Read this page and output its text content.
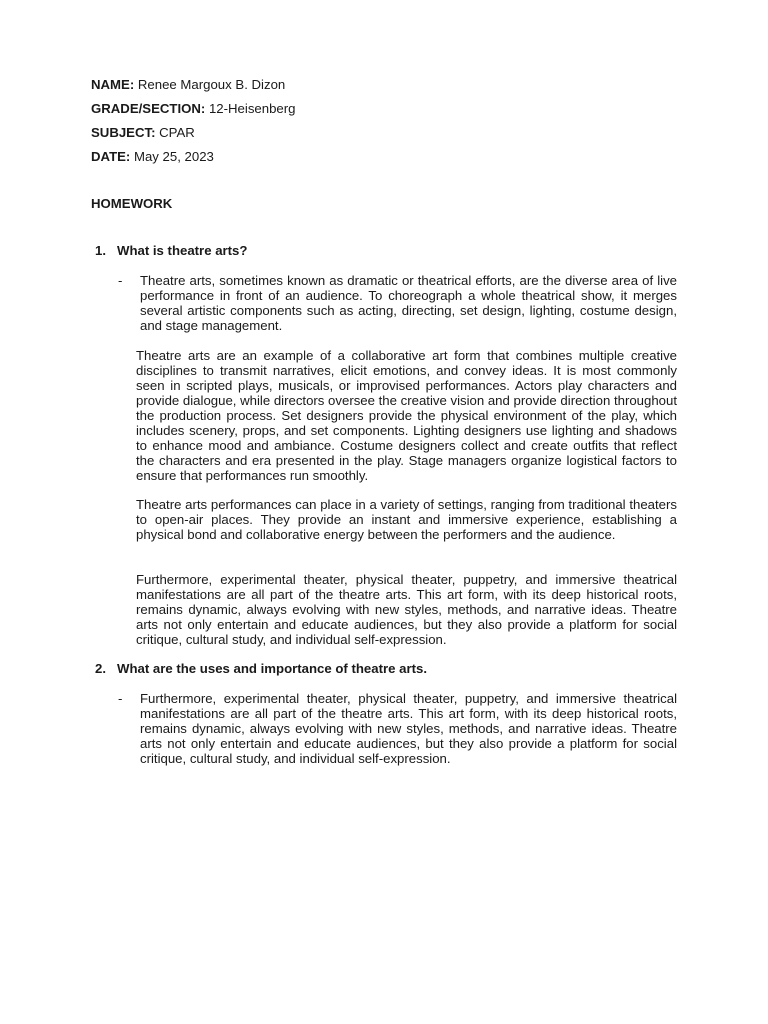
NAME: Renee Margoux B. Dizon

GRADE/SECTION: 12-Heisenberg

SUBJECT: CPAR

DATE: May 25, 2023

HOMEWORK

1. What is theatre arts?

- Theatre arts, sometimes known as dramatic or theatrical efforts, are the diverse area of live performance in front of an audience. To choreograph a whole theatrical show, it merges several artistic components such as acting, directing, set design, lighting, costume design, and stage management.

Theatre arts are an example of a collaborative art form that combines multiple creative disciplines to transmit narratives, elicit emotions, and convey ideas. It is most commonly seen in scripted plays, musicals, or improvised performances. Actors play characters and provide dialogue, while directors oversee the creative vision and provide direction throughout the production process. Set designers provide the physical environment of the play, which includes scenery, props, and set components. Lighting designers use lighting and shadows to enhance mood and ambiance. Costume designers collect and create outfits that reflect the characters and era presented in the play. Stage managers organize logistical factors to ensure that performances run smoothly.

Theatre arts performances can place in a variety of settings, ranging from traditional theaters to open-air places. They provide an instant and immersive experience, establishing a physical bond and collaborative energy between the performers and the audience.

Furthermore, experimental theater, physical theater, puppetry, and immersive theatrical manifestations are all part of the theatre arts. This art form, with its deep historical roots, remains dynamic, always evolving with new styles, methods, and narrative ideas. Theatre arts not only entertain and educate audiences, but they also provide a platform for social critique, cultural study, and individual self-expression.

2. What are the uses and importance of theatre arts.

- Furthermore, experimental theater, physical theater, puppetry, and immersive theatrical manifestations are all part of the theatre arts. This art form, with its deep historical roots, remains dynamic, always evolving with new styles, methods, and narrative ideas. Theatre arts not only entertain and educate audiences, but they also provide a platform for social critique, cultural study, and individual self-expression.
